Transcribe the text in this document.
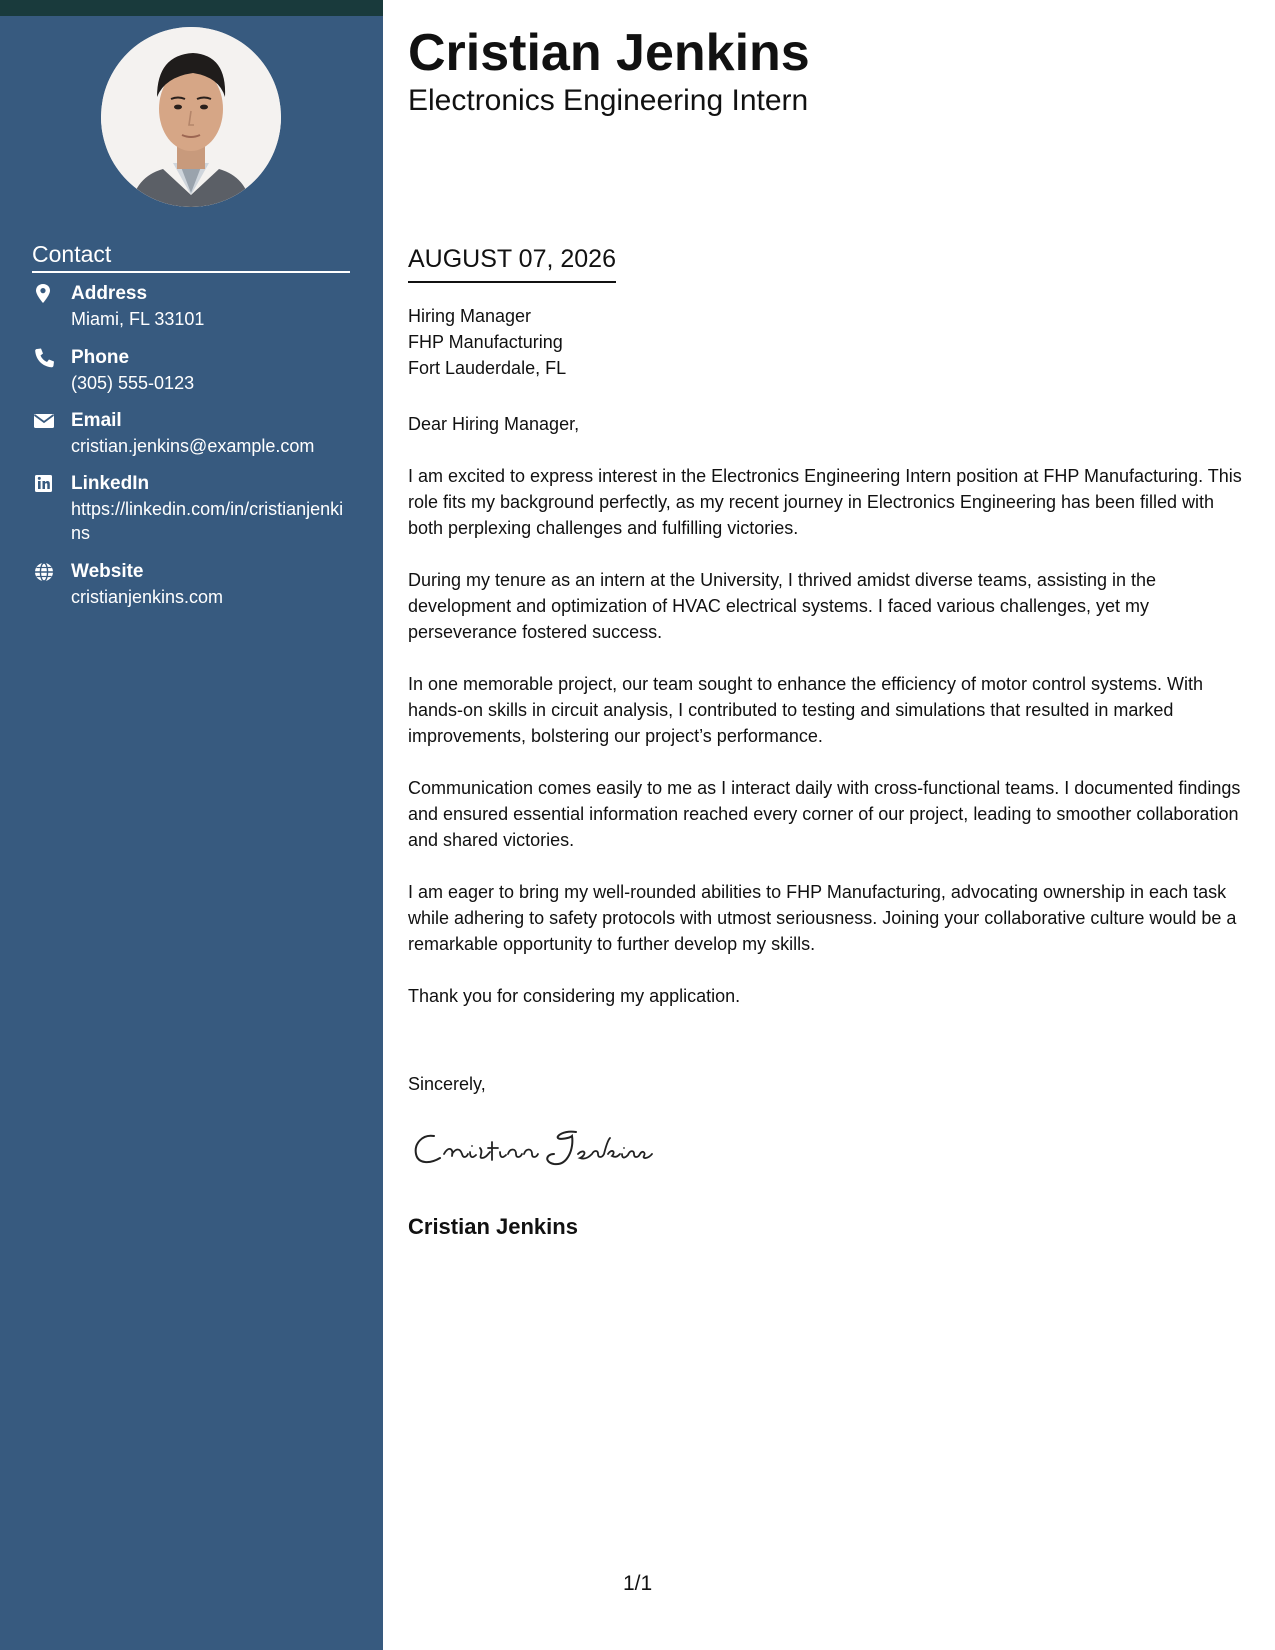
Contact
Address
Miami, FL 33101
Phone
(305) 555-0123
Email
cristian.jenkins@example.com
LinkedIn
https://linkedin.com/in/cristianjenkins
Website
cristianjenkins.com
Cristian Jenkins
Electronics Engineering Intern
AUGUST 07, 2026
Hiring Manager
FHP Manufacturing
Fort Lauderdale, FL

Dear Hiring Manager,

I am excited to express interest in the Electronics Engineering Intern position at FHP Manufacturing. This role fits my background perfectly, as my recent journey in Electronics Engineering has been filled with both perplexing challenges and fulfilling victories.

During my tenure as an intern at the University, I thrived amidst diverse teams, assisting in the development and optimization of HVAC electrical systems. I faced various challenges, yet my perseverance fostered success.

In one memorable project, our team sought to enhance the efficiency of motor control systems. With hands-on skills in circuit analysis, I contributed to testing and simulations that resulted in marked improvements, bolstering our project’s performance.

Communication comes easily to me as I interact daily with cross-functional teams. I documented findings and ensured essential information reached every corner of our project, leading to smoother collaboration and shared victories.

I am eager to bring my well-rounded abilities to FHP Manufacturing, advocating ownership in each task while adhering to safety protocols with utmost seriousness. Joining your collaborative culture would be a remarkable opportunity to further develop my skills.

Thank you for considering my application.

Sincerely,
Cristian Jenkins
1/1
